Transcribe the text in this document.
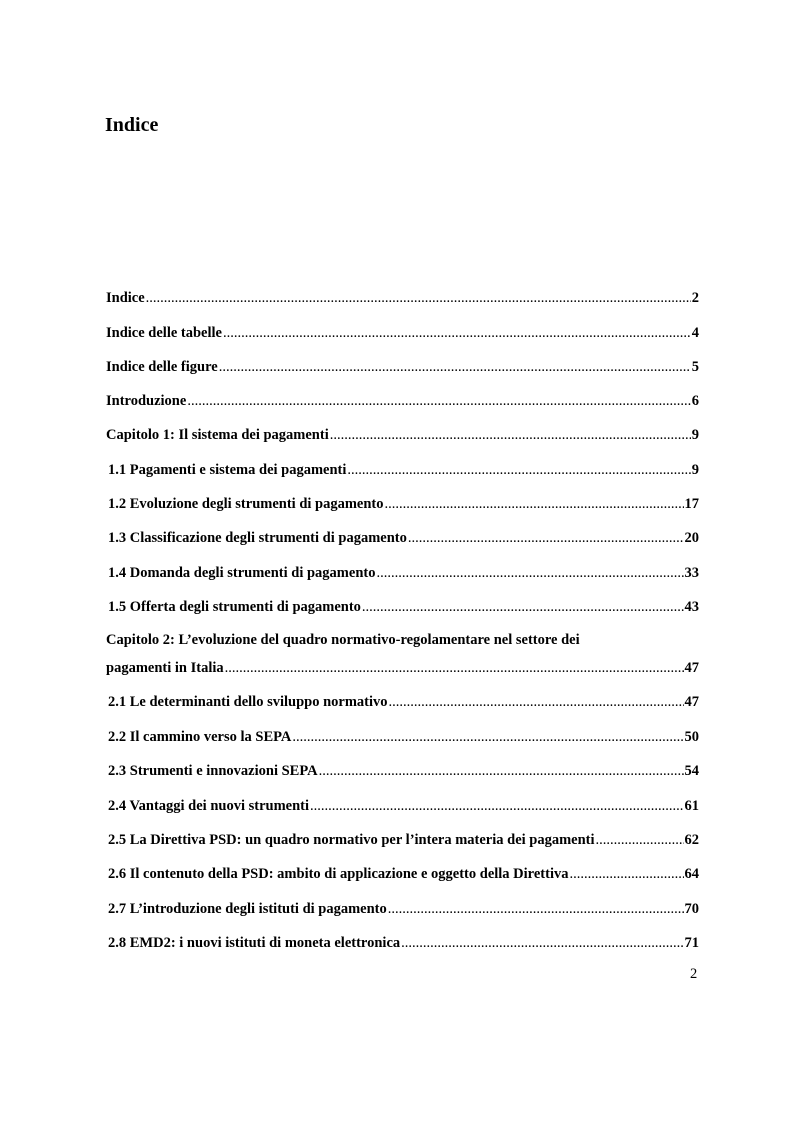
Indice
Indice .....	2
Indice delle tabelle .....	4
Indice delle figure .....	5
Introduzione .....	6
Capitolo 1: Il sistema dei pagamenti .....	9
1.1 Pagamenti e sistema dei pagamenti .....	9
1.2 Evoluzione degli strumenti di pagamento .....	17
1.3 Classificazione degli strumenti di pagamento .....	20
1.4 Domanda degli strumenti di pagamento .....	33
1.5 Offerta degli strumenti di pagamento .....	43
Capitolo 2: L’evoluzione del quadro normativo-regolamentare nel settore dei
pagamenti in Italia .....	47
2.1 Le determinanti dello sviluppo normativo .....	47
2.2 Il cammino verso la SEPA .....	50
2.3 Strumenti e innovazioni SEPA .....	54
2.4 Vantaggi dei nuovi strumenti .....	61
2.5 La Direttiva PSD: un quadro normativo per l’intera materia dei pagamenti .....	62
2.6 Il contenuto della PSD: ambito di applicazione e oggetto della Direttiva .....	64
2.7 L’introduzione degli istituti di pagamento .....	70
2.8 EMD2: i nuovi istituti di moneta elettronica .....	71
2
